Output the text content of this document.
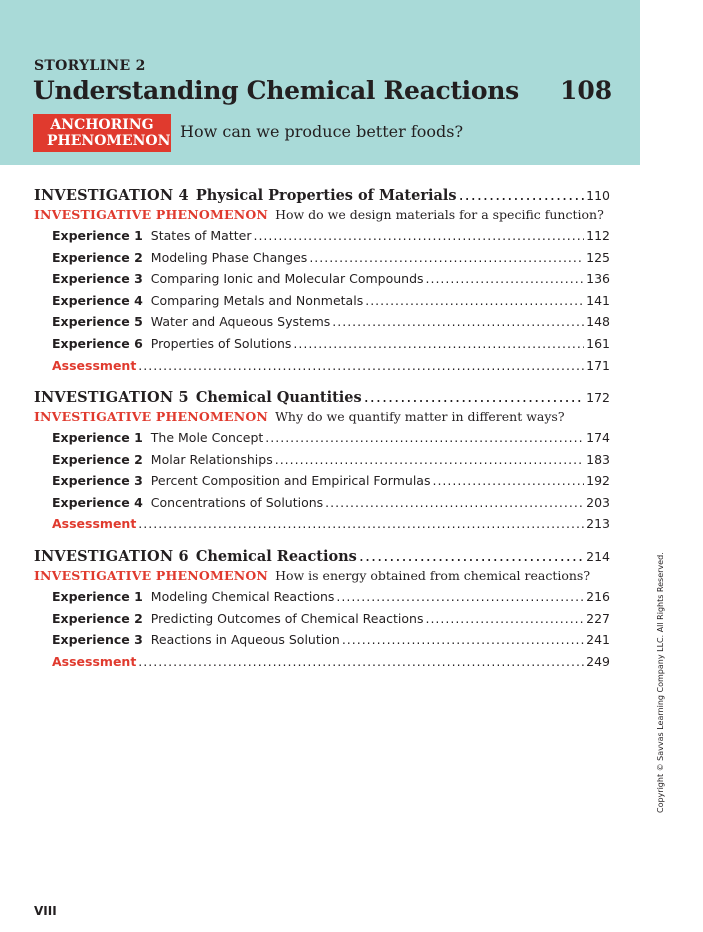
STORYLINE 2
Understanding Chemical Reactions 108
ANCHORING PHENOMENON How can we produce better foods?
INVESTIGATION 4 Physical Properties of Materials .....	110
INVESTIGATIVE PHENOMENON How do we design materials for a specific function?
Experience 1 States of Matter .....	112
Experience 2 Modeling Phase Changes .....	125
Experience 3 Comparing Ionic and Molecular Compounds .....	136
Experience 4 Comparing Metals and Nonmetals .....	141
Experience 5 Water and Aqueous Systems .....	148
Experience 6 Properties of Solutions .....	161
Assessment .....	171
INVESTIGATION 5 Chemical Quantities .....	172
INVESTIGATIVE PHENOMENON Why do we quantify matter in different ways?
Experience 1 The Mole Concept .....	174
Experience 2 Molar Relationships .....	183
Experience 3 Percent Composition and Empirical Formulas .....	192
Experience 4 Concentrations of Solutions .....	203
Assessment .....	213
INVESTIGATION 6 Chemical Reactions .....	214
INVESTIGATIVE PHENOMENON How is energy obtained from chemical reactions?
Experience 1 Modeling Chemical Reactions .....	216
Experience 2 Predicting Outcomes of Chemical Reactions .....	227
Experience 3 Reactions in Aqueous Solution .....	241
Assessment .....	249	Copyright © Savvas Learning Company LLC. All Rights Reserved.
VIII
